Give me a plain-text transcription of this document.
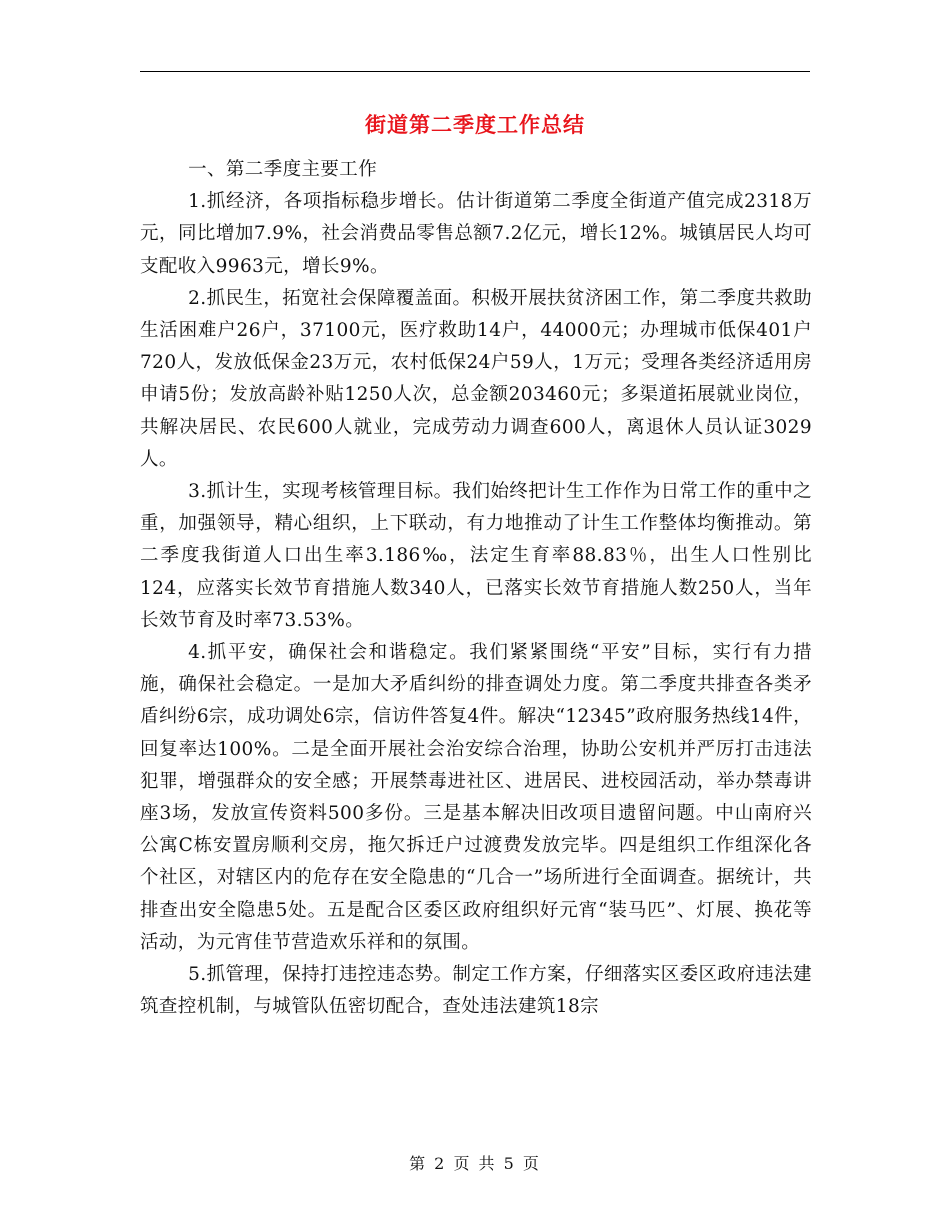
街道第二季度工作总结

一、第二季度主要工作

1.抓经济，各项指标稳步增长。估计街道第二季度全街道产值完成2318万元，同比增加7.9%，社会消费品零售总额7.2亿元，增长12%。城镇居民人均可支配收入9963元，增长9%。

2.抓民生，拓宽社会保障覆盖面。积极开展扶贫济困工作，第二季度共救助生活困难户26户，37100元，医疗救助14户，44000元；办理城市低保401户720人，发放低保金23万元，农村低保24户59人，1万元；受理各类经济适用房申请5份；发放高龄补贴1250人次，总金额203460元；多渠道拓展就业岗位，共解决居民、农民600人就业，完成劳动力调查600人，离退休人员认证3029人。

3.抓计生，实现考核管理目标。我们始终把计生工作作为日常工作的重中之重，加强领导，精心组织，上下联动，有力地推动了计生工作整体均衡推动。第二季度我街道人口出生率3.186‰，法定生育率88.83％，出生人口性别比124，应落实长效节育措施人数340人，已落实长效节育措施人数250人，当年长效节育及时率73.53%。

4.抓平安，确保社会和谐稳定。我们紧紧围绕“平安”目标，实行有力措施，确保社会稳定。一是加大矛盾纠纷的排查调处力度。第二季度共排查各类矛盾纠纷6宗，成功调处6宗，信访件答复4件。解决“12345”政府服务热线14件，回复率达100%。二是全面开展社会治安综合治理，协助公安机并严厉打击违法犯罪，增强群众的安全感；开展禁毒进社区、进居民、进校园活动，举办禁毒讲座3场，发放宣传资料500多份。三是基本解决旧改项目遗留问题。中山南府兴公寓C栋安置房顺利交房，拖欠拆迁户过渡费发放完毕。四是组织工作组深化各个社区，对辖区内的危存在安全隐患的“几合一”场所进行全面调查。据统计，共排查出安全隐患5处。五是配合区委区政府组织好元宵“装马匹”、灯展、换花等活动，为元宵佳节营造欢乐祥和的氛围。

5.抓管理，保持打违控违态势。制定工作方案，仔细落实区委区政府违法建筑查控机制，与城管队伍密切配合，查处违法建筑18宗

第 2 页 共 5 页
